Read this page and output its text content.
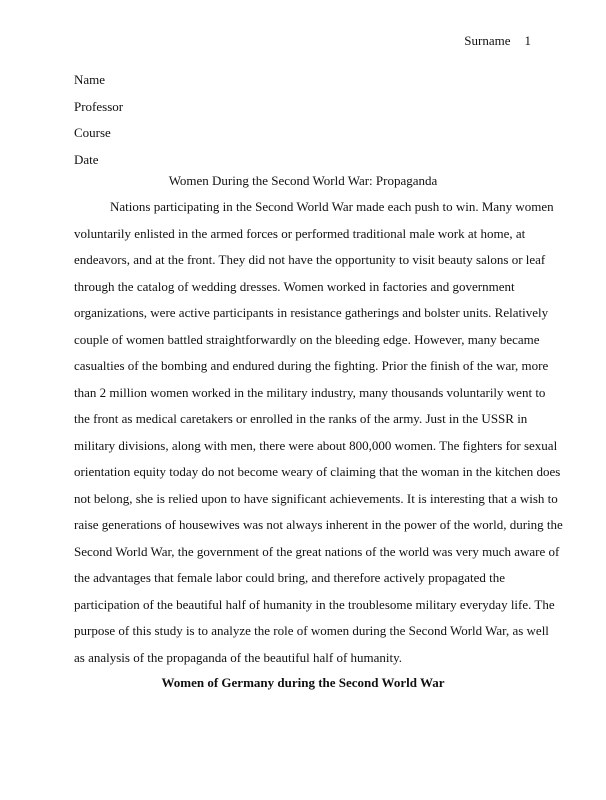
Surname 1
Name
Professor
Course
Date
Women During the Second World War: Propaganda
Nations participating in the Second World War made each push to win. Many women
voluntarily enlisted in the armed forces or performed traditional male work at home, at
endeavors, and at the front. They did not have the opportunity to visit beauty salons or leaf
through the catalog of wedding dresses. Women worked in factories and government
organizations, were active participants in resistance gatherings and bolster units. Relatively
couple of women battled straightforwardly on the bleeding edge. However, many became
casualties of the bombing and endured during the fighting. Prior the finish of the war, more
than 2 million women worked in the military industry, many thousands voluntarily went to
the front as medical caretakers or enrolled in the ranks of the army. Just in the USSR in
military divisions, along with men, there were about 800,000 women. The fighters for sexual
orientation equity today do not become weary of claiming that the woman in the kitchen does
not belong, she is relied upon to have significant achievements. It is interesting that a wish to
raise generations of housewives was not always inherent in the power of the world, during the
Second World War, the government of the great nations of the world was very much aware of
the advantages that female labor could bring, and therefore actively propagated the
participation of the beautiful half of humanity in the troublesome military everyday life. The
purpose of this study is to analyze the role of women during the Second World War, as well
as analysis of the propaganda of the beautiful half of humanity.
Women of Germany during the Second World War
